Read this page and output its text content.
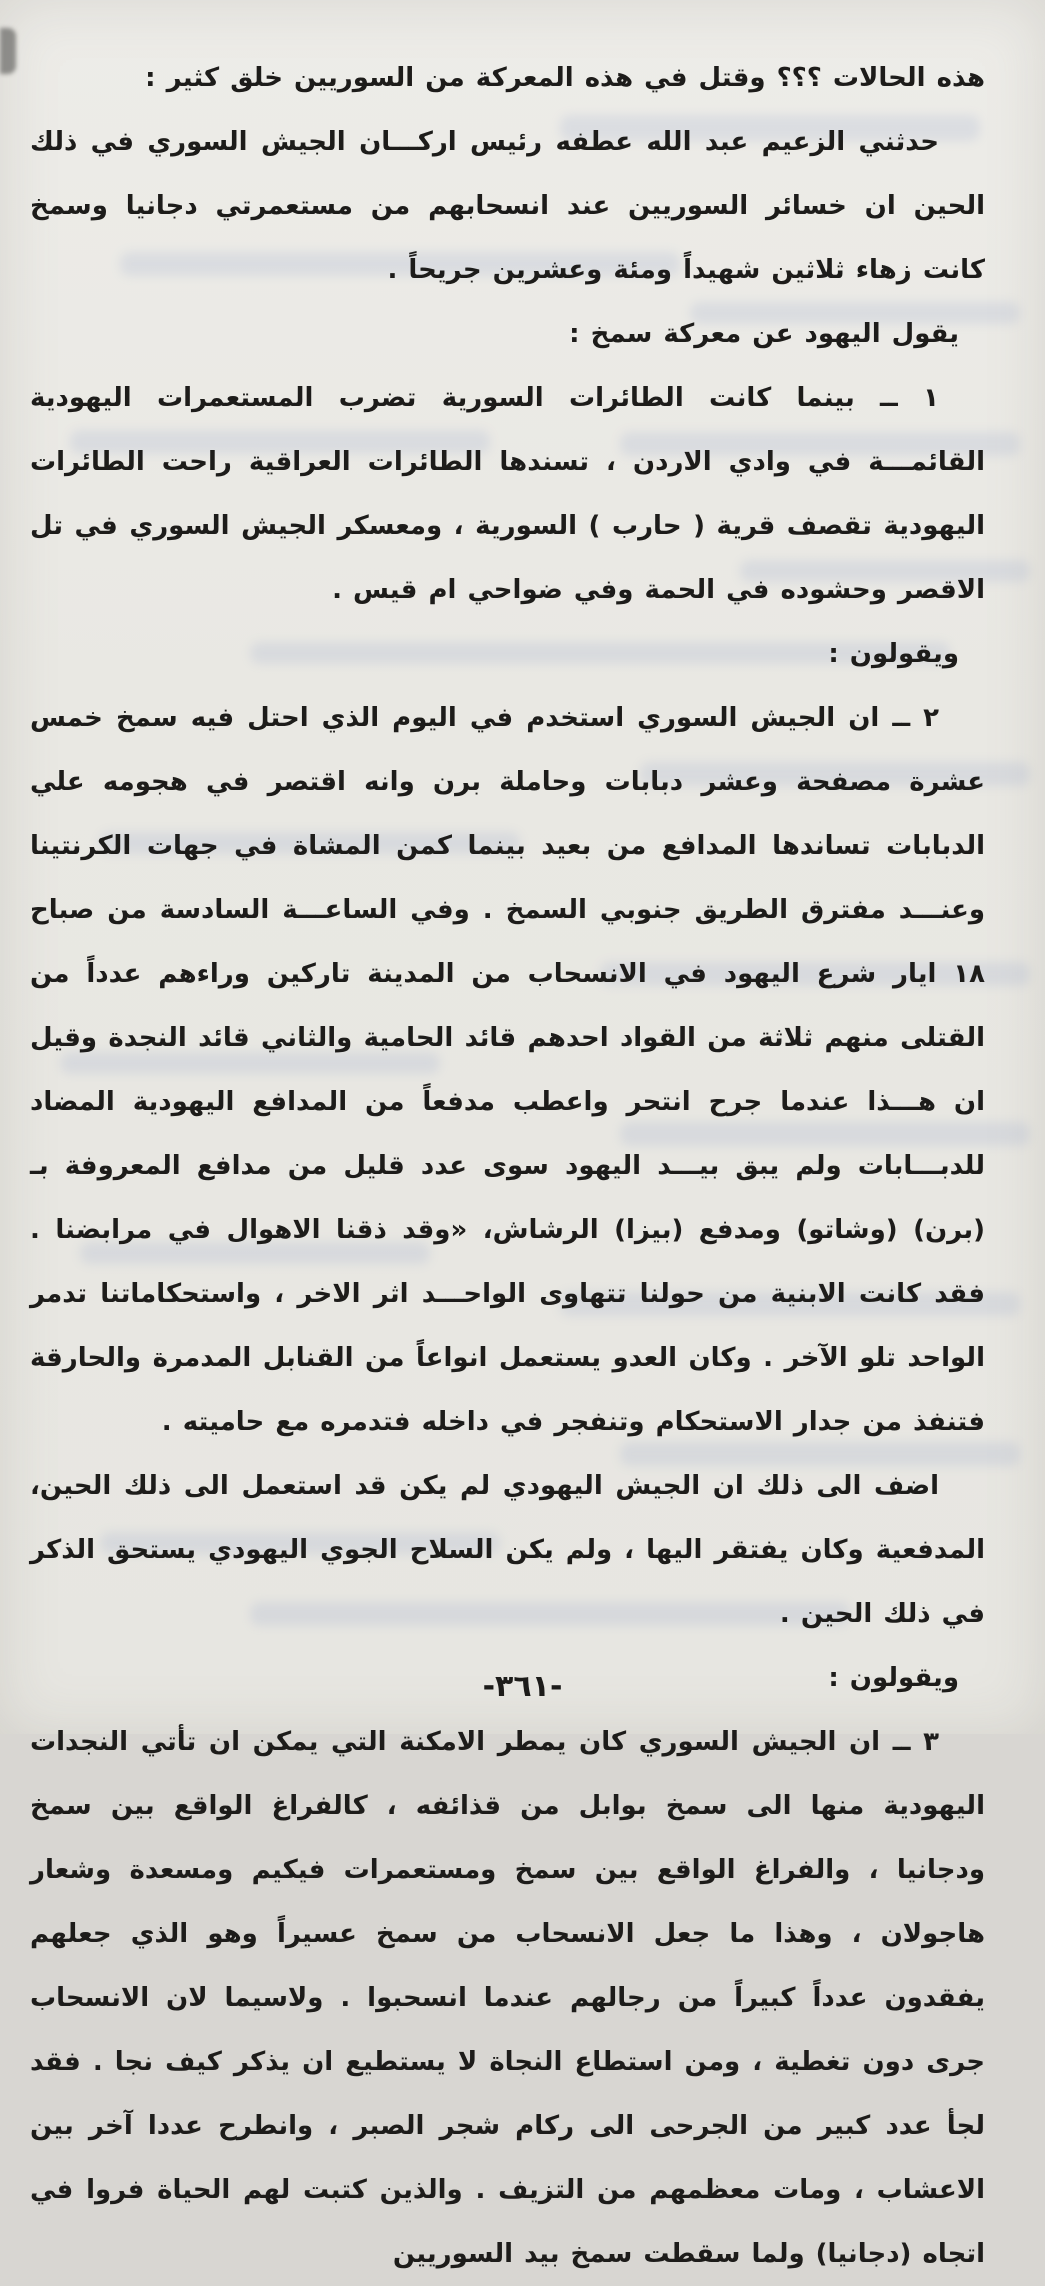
هذه الحالات ؟؟؟ وقتل في هذه المعركة من السوريين خلق كثير :

حدثني الزعيم عبد الله عطفه رئيس اركـــان الجيش السوري في ذلك الحين ان خسائر السوريين عند انسحابهم من مستعمرتي دجانيا وسمخ كانت زهاء ثلاثين شهيداً ومئة وعشرين جريحاً .

يقول اليهود عن معركة سمخ :

١ ــ بينما كانت الطائرات السورية تضرب المستعمرات اليهودية القائمـــة في وادي الاردن ، تسندها الطائرات العراقية راحت الطائرات اليهودية تقصف قرية ( حارب ) السورية ، ومعسكر الجيش السوري في تل الاقصر وحشوده في الحمة وفي ضواحي ام قيس .

ويقولون :

٢ ــ ان الجيش السوري استخدم في اليوم الذي احتل فيه سمخ خمس عشرة مصفحة وعشر دبابات وحاملة برن وانه اقتصر في هجومه علي الدبابات تساندها المدافع من بعيد بينما كمن المشاة في جهات الكرنتينا وعنـــد مفترق الطريق جنوبي السمخ . وفي الساعـــة السادسة من صباح ١٨ ايار شرع اليهود في الانسحاب من المدينة تاركين وراءهم عدداً من القتلى منهم ثلاثة من القواد احدهم قائد الحامية والثاني قائد النجدة وقيل ان هـــذا عندما جرح انتحر واعطب مدفعاً من المدافع اليهودية المضاد للدبـــابات ولم يبق بيـــد اليهود سوى عدد قليل من مدافع المعروفة بـ (برن) (وشاتو) ومدفع (بيزا) الرشاش، «وقد ذقنا الاهوال في مرابضنا . فقد كانت الابنية من حولنا تتهاوى الواحـــد اثر الاخر ، واستحكاماتنا تدمر الواحد تلو الآخر . وكان العدو يستعمل انواعاً من القنابل المدمرة والحارقة فتنفذ من جدار الاستحكام وتنفجر في داخله فتدمره مع حاميته .

اضف الى ذلك ان الجيش اليهودي لم يكن قد استعمل الى ذلك الحين، المدفعية وكان يفتقر اليها ، ولم يكن السلاح الجوي اليهودي يستحق الذكر في ذلك الحين .

ويقولون :

٣ ــ ان الجيش السوري كان يمطر الامكنة التي يمكن ان تأتي النجدات اليهودية منها الى سمخ بوابل من قذائفه ، كالفراغ الواقع بين سمخ ودجانيا ، والفراغ الواقع بين سمخ ومستعمرات فيكيم ومسعدة وشعار هاجولان ، وهذا ما جعل الانسحاب من سمخ عسيراً وهو الذي جعلهم يفقدون عدداً كبيراً من رجالهم عندما انسحبوا . ولاسيما لان الانسحاب جرى دون تغطية ، ومن استطاع النجاة لا يستطيع ان يذكر كيف نجا . فقد لجأ عدد كبير من الجرحى الى ركام شجر الصبر ، وانطرح عددا آخر بين الاعشاب ، ومات معظمهم من التزيف . والذين كتبت لهم الحياة فروا في اتجاه (دجانيا) ولما سقطت سمخ بيد السوريين

-٣٦١-
